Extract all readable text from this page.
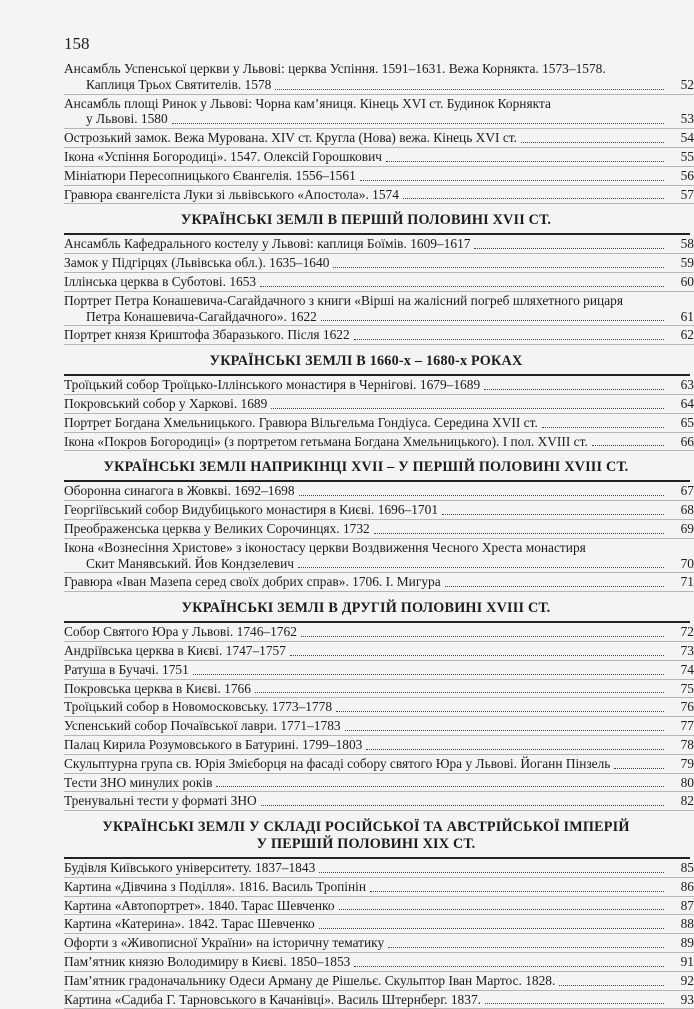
158
Ансамбль Успенської церкви у Львові: церква Успіння. 1591–1631. Вежа Корнякта. 1573–1578.
Каплиця Трьох Святителів. 1578	52
Ансамбль площі Ринок у Львові: Чорна кам’яниця. Кінець XVI ст. Будинок Корнякта
у Львові. 1580	53
Острозький замок. Вежа Мурована. XIV ст. Кругла (Нова) вежа. Кінець XVI ст.	54
Ікона «Успіння Богородиці». 1547. Олексій Горошкович	55
Мініатюри Пересопницького Євангелія. 1556–1561	56
Гравюра євангеліста Луки зі львівського «Апостола». 1574	57
УКРАЇНСЬКІ ЗЕМЛІ В ПЕРШІЙ ПОЛОВИНІ XVII СТ.
Ансамбль Кафедрального костелу у Львові: каплиця Боїмів. 1609–1617	58
Замок у Підгірцях (Львівська обл.). 1635–1640	59
Іллінська церква в Суботові. 1653	60
Портрет Петра Конашевича-Сагайдачного з книги «Вірші на жалісний погреб шляхетного рицаря
Петра Конашевича-Сагайдачного». 1622	61
Портрет князя Криштофа Збаразького. Після 1622	62
УКРАЇНСЬКІ ЗЕМЛІ В 1660-х – 1680-х РОКАХ
Троїцький собор Троїцько-Іллінського монастиря в Чернігові. 1679–1689	63
Покровський собор у Харкові. 1689	64
Портрет Богдана Хмельницького. Гравюра Вільгельма Гондіуса. Середина XVII ст.	65
Ікона «Покров Богородиці» (з портретом гетьмана Богдана Хмельницького). І пол. XVIII ст.	66
УКРАЇНСЬКІ ЗЕМЛІ НАПРИКІНЦІ XVII – У ПЕРШІЙ ПОЛОВИНІ XVIII СТ.
Оборонна синагога в Жовкві. 1692–1698	67
Георгіївський собор Видубицького монастиря в Києві. 1696–1701	68
Преображенська церква у Великих Сорочинцях. 1732	69
Ікона «Вознесіння Христове» з іконостасу церкви Воздвиження Чесного Хреста монастиря
Скит Манявський. Йов Кондзелевич	70
Гравюра «Іван Мазепа серед своїх добрих справ». 1706. І. Мигура	71
УКРАЇНСЬКІ ЗЕМЛІ В ДРУГІЙ ПОЛОВИНІ XVIII СТ.
Собор Святого Юра у Львові. 1746–1762	72
Андріївська церква в Києві. 1747–1757	73
Ратуша в Бучачі. 1751	74
Покровська церква в Києві. 1766	75
Троїцький собор в Новомосковську. 1773–1778	76
Успенський собор Почаївської лаври. 1771–1783	77
Палац Кирила Розумовського в Батурині. 1799–1803	78
Скульптурна група св. Юрія Змієборця на фасаді собору святого Юра у Львові. Йоганн Пінзель	79
Тести ЗНО минулих років	80
Тренувальні тести у форматі ЗНО	82
УКРАЇНСЬКІ ЗЕМЛІ У СКЛАДІ РОСІЙСЬКОЇ ТА АВСТРІЙСЬКОЇ ІМПЕРІЙ
У ПЕРШІЙ ПОЛОВИНІ XIX СТ.
Будівля Київського університету. 1837–1843	85
Картина «Дівчина з Поділля». 1816. Василь Тропінін	86
Картина «Автопортрет». 1840. Тарас Шевченко	87
Картина «Катерина». 1842. Тарас Шевченко	88
Офорти з «Живописної України» на історичну тематику	89
Пам’ятник князю Володимиру в Києві. 1850–1853	91
Пам’ятник градоначальнику Одеси Арману де Рішельє. Скульптор Іван Мартос. 1828.	92
Картина «Садиба Г. Тарновського в Качанівці». Василь Штернберг. 1837.	93
